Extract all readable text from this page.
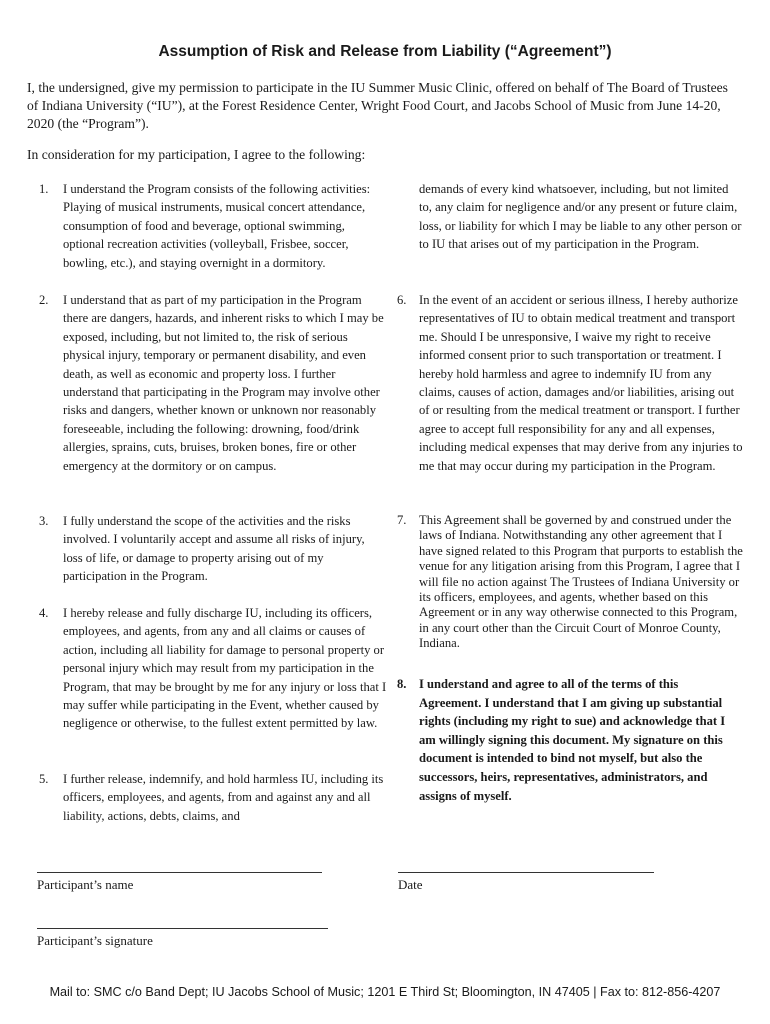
Assumption of Risk and Release from Liability (“Agreement”)

I, the undersigned, give my permission to participate in the IU Summer Music Clinic, offered on behalf of The Board of Trustees of Indiana University (“IU”), at the Forest Residence Center, Wright Food Court, and Jacobs School of Music from June 14-20, 2020 (the “Program”).

In consideration for my participation, I agree to the following:

1. I understand the Program consists of the following activities: Playing of musical instruments, musical concert attendance, consumption of food and beverage, optional swimming, optional recreation activities (volleyball, Frisbee, soccer, bowling, etc.), and staying overnight in a dormitory.
2. I understand that as part of my participation in the Program there are dangers, hazards, and inherent risks to which I may be exposed, including, but not limited to, the risk of serious physical injury, temporary or permanent disability, and even death, as well as economic and property loss. I further understand that participating in the Program may involve other risks and dangers, whether known or unknown nor reasonably foreseeable, including the following: drowning, food/drink allergies, sprains, cuts, bruises, broken bones, fire or other emergency at the dormitory or on campus.
3. I fully understand the scope of the activities and the risks involved. I voluntarily accept and assume all risks of injury, loss of life, or damage to property arising out of my participation in the Program.
4. I hereby release and fully discharge IU, including its officers, employees, and agents, from any and all claims or causes of action, including all liability for damage to personal property or personal injury which may result from my participation in the Program, that may be brought by me for any injury or loss that I may suffer while participating in the Event, whether caused by negligence or otherwise, to the fullest extent permitted by law.
5. I further release, indemnify, and hold harmless IU, including its officers, employees, and agents, from and against any and all liability, actions, debts, claims, and
demands of every kind whatsoever, including, but not limited to, any claim for negligence and/or any present or future claim, loss, or liability for which I may be liable to any other person or to IU that arises out of my participation in the Program.
6. In the event of an accident or serious illness, I hereby authorize representatives of IU to obtain medical treatment and transport me. Should I be unresponsive, I waive my right to receive informed consent prior to such transportation or treatment. I hereby hold harmless and agree to indemnify IU from any claims, causes of action, damages and/or liabilities, arising out of or resulting from the medical treatment or transport. I further agree to accept full responsibility for any and all expenses, including medical expenses that may derive from any injuries to me that may occur during my participation in the Program.
7. This Agreement shall be governed by and construed under the laws of Indiana. Notwithstanding any other agreement that I have signed related to this Program that purports to establish the venue for any litigation arising from this Program, I agree that I will file no action against The Trustees of Indiana University or its officers, employees, and agents, whether based on this Agreement or in any way otherwise connected to this Program, in any court other than the Circuit Court of Monroe County, Indiana.
8. I understand and agree to all of the terms of this Agreement. I understand that I am giving up substantial rights (including my right to sue) and acknowledge that I am willingly signing this document. My signature on this document is intended to bind not myself, but also the successors, heirs, representatives, administrators, and assigns of myself.

Participant’s name	Date

Participant’s signature

Mail to: SMC c/o Band Dept; IU Jacobs School of Music; 1201 E Third St; Bloomington, IN 47405 | Fax to: 812-856-4207
